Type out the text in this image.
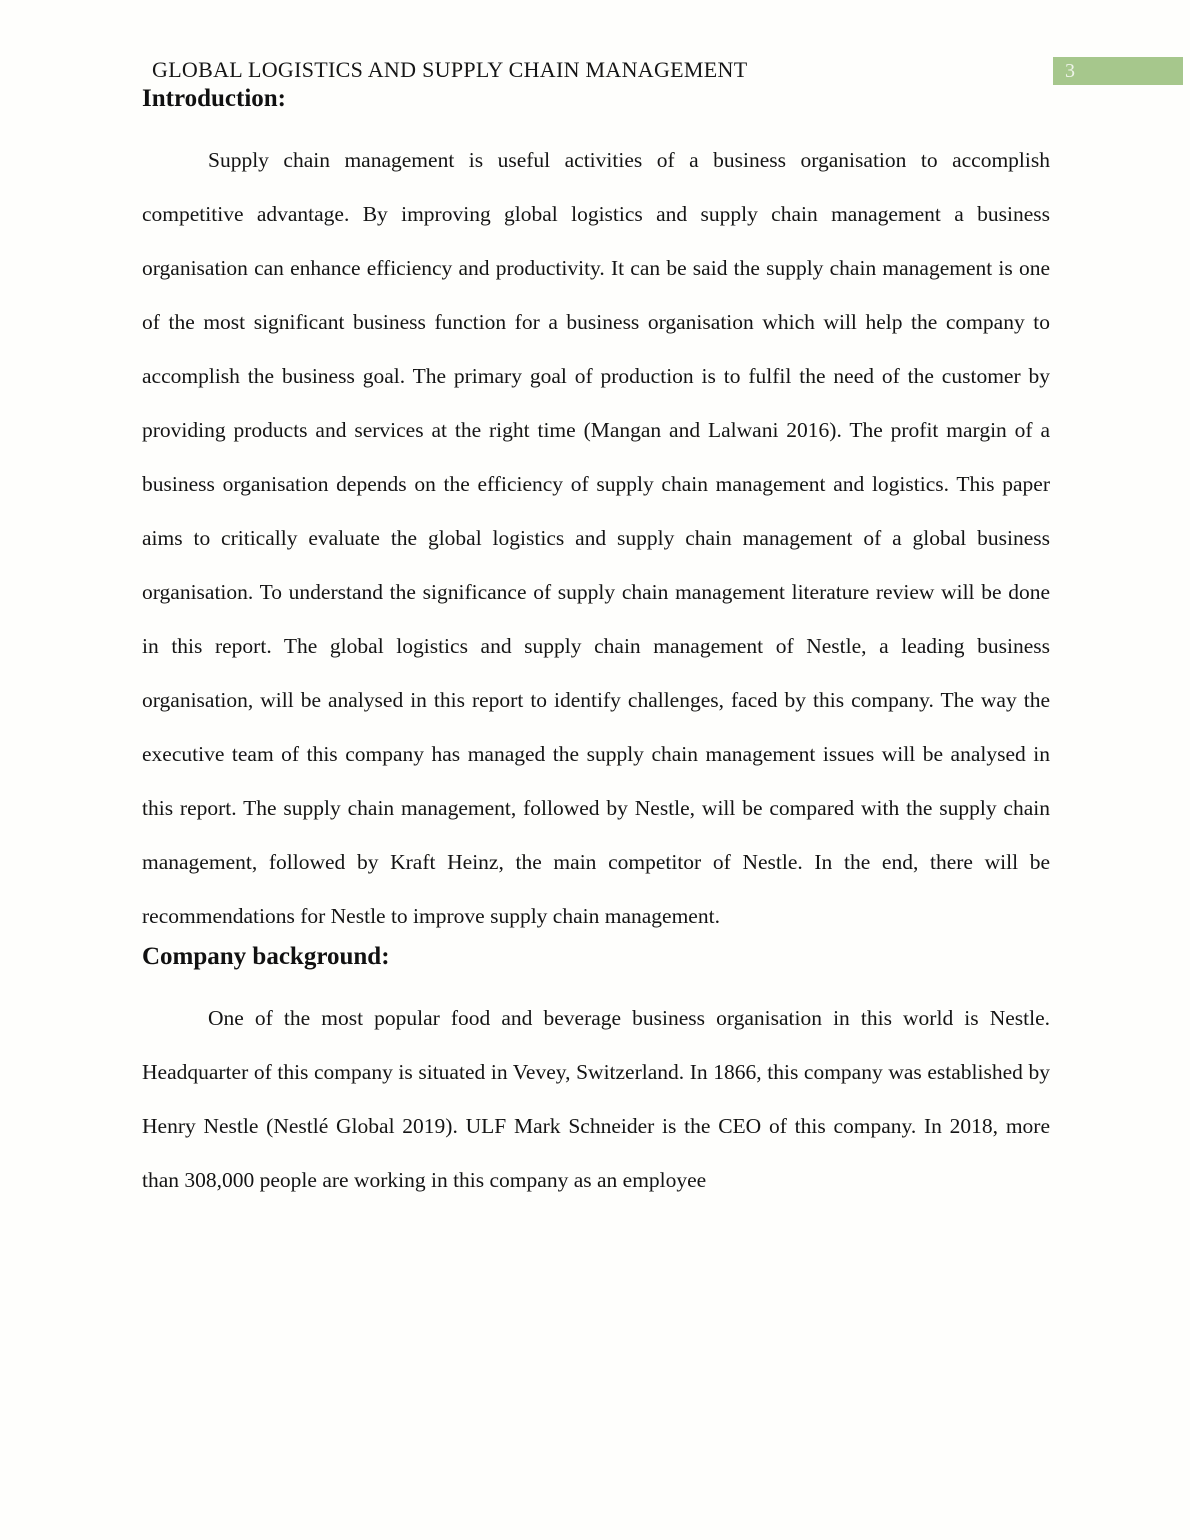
GLOBAL LOGISTICS AND SUPPLY CHAIN MANAGEMENT	3
Introduction:

Supply chain management is useful activities of a business organisation to accomplish competitive advantage. By improving global logistics and supply chain management a business organisation can enhance efficiency and productivity. It can be said the supply chain management is one of the most significant business function for a business organisation which will help the company to accomplish the business goal. The primary goal of production is to fulfil the need of the customer by providing products and services at the right time (Mangan and Lalwani 2016). The profit margin of a business organisation depends on the efficiency of supply chain management and logistics. This paper aims to critically evaluate the global logistics and supply chain management of a global business organisation. To understand the significance of supply chain management literature review will be done in this report. The global logistics and supply chain management of Nestle, a leading business organisation, will be analysed in this report to identify challenges, faced by this company. The way the executive team of this company has managed the supply chain management issues will be analysed in this report. The supply chain management, followed by Nestle, will be compared with the supply chain management, followed by Kraft Heinz, the main competitor of Nestle. In the end, there will be recommendations for Nestle to improve supply chain management.

Company background:

One of the most popular food and beverage business organisation in this world is Nestle. Headquarter of this company is situated in Vevey, Switzerland. In 1866, this company was established by Henry Nestle (Nestlé Global 2019). ULF Mark Schneider is the CEO of this company. In 2018, more than 308,000 people are working in this company as an employee
